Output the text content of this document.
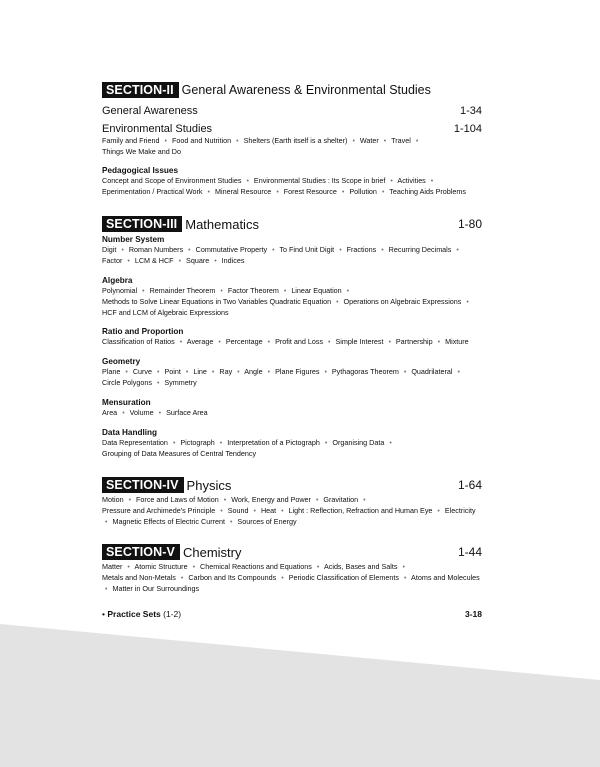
SECTION-II General Awareness & Environmental Studies
General Awareness	1-34
Environmental Studies	1-104

Family and Friend • Food and Nutrition • Shelters (Earth itself is a shelter) • Water • Travel • Things We Make and Do

Pedagogical Issues

Concept and Scope of Environment Studies • Environmental Studies : Its Scope in brief • Activities • Eperimentation / Practical Work • Mineral Resource • Forest Resource • Pollution • Teaching Aids Problems

SECTION-III Mathematics	1-80
Number System

Digit • Roman Numbers • Commutative Property • To Find Unit Digit • Fractions • Recurring Decimals • Factor • LCM & HCF • Square • Indices

Algebra

Polynomial • Remainder Theorem • Factor Theorem • Linear Equation • Methods to Solve Linear Equations in Two Variables Quadratic Equation • Operations on Algebraic Expressions • HCF and LCM of Algebraic Expressions

Ratio and Proportion

Classification of Ratios • Average • Percentage • Profit and Loss • Simple Interest • Partnership • Mixture

Geometry

Plane • Curve • Point • Line • Ray • Angle • Plane Figures • Pythagoras Theorem • Quadrilateral • Circle Polygons • Symmetry

Mensuration

Area • Volume • Surface Area

Data Handling

Data Representation • Pictograph • Interpretation of a Pictograph • Organising Data • Grouping of Data Measures of Central Tendency

SECTION-IV Physics	1-64

Motion • Force and Laws of Motion • Work, Energy and Power • Gravitation • Pressure and Archimede's Principle • Sound • Heat • Light : Reflection, Refraction and Human Eye • Electricity • Magnetic Effects of Electric Current • Sources of Energy

SECTION-V Chemistry	1-44

Matter • Atomic Structure • Chemical Reactions and Equations • Acids, Bases and Salts • Metals and Non-Metals • Carbon and Its Compounds • Periodic Classification of Elements • Atoms and Molecules • Matter in Our Surroundings

• Practice Sets (1-2)	3-18
